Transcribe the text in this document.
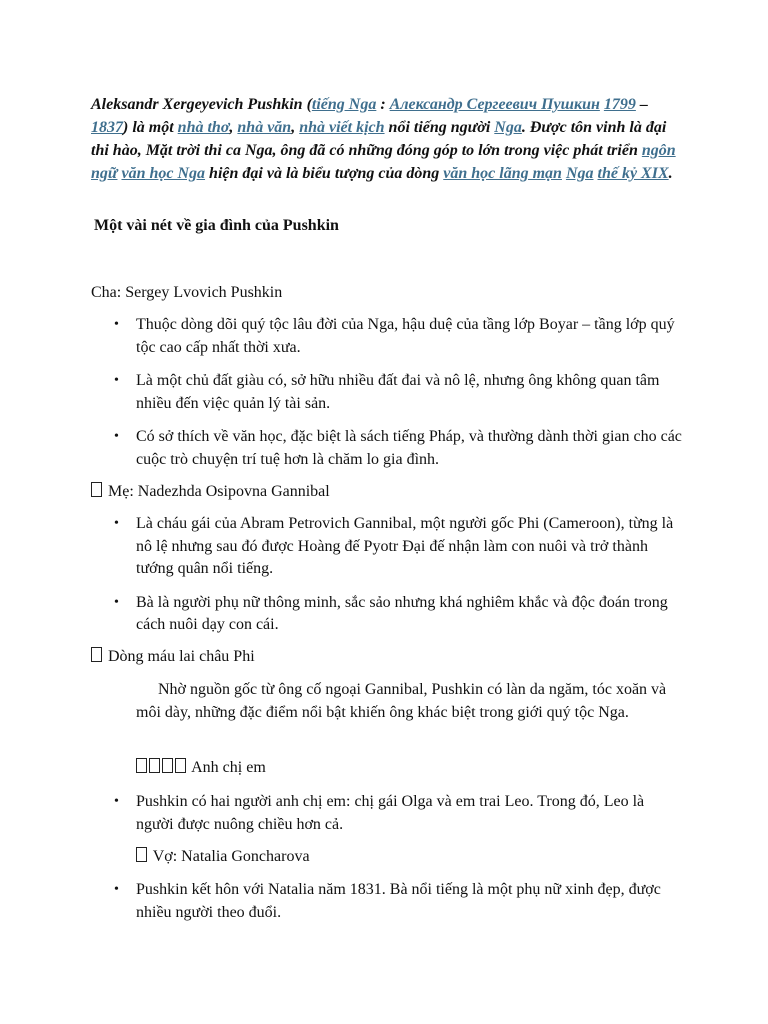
Aleksandr Xergeyevich Pushkin (tiếng Nga : Александр Сергеевич Пушкин 1799 – 1837) là một nhà thơ, nhà văn, nhà viết kịch nổi tiếng người Nga. Được tôn vinh là đại thi hào, Mặt trời thi ca Nga, ông đã có những đóng góp to lớn trong việc phát triển ngôn ngữ văn học Nga hiện đại và là biểu tượng của dòng văn học lãng mạn Nga thế kỷ XIX.

Một vài nét về gia đình của Pushkin

Cha: Sergey Lvovich Pushkin

• Thuộc dòng dõi quý tộc lâu đời của Nga, hậu duệ của tầng lớp Boyar – tầng lớp quý tộc cao cấp nhất thời xưa.
• Là một chủ đất giàu có, sở hữu nhiều đất đai và nô lệ, nhưng ông không quan tâm nhiều đến việc quản lý tài sản.
• Có sở thích về văn học, đặc biệt là sách tiếng Pháp, và thường dành thời gian cho các cuộc trò chuyện trí tuệ hơn là chăm lo gia đình.

Mẹ: Nadezhda Osipovna Gannibal

• Là cháu gái của Abram Petrovich Gannibal, một người gốc Phi (Cameroon), từng là nô lệ nhưng sau đó được Hoàng đế Pyotr Đại đế nhận làm con nuôi và trở thành tướng quân nổi tiếng.
• Bà là người phụ nữ thông minh, sắc sảo nhưng khá nghiêm khắc và độc đoán trong cách nuôi dạy con cái.

Dòng máu lai châu Phi

Nhờ nguồn gốc từ ông cố ngoại Gannibal, Pushkin có làn da ngăm, tóc xoăn và môi dày, những đặc điểm nổi bật khiến ông khác biệt trong giới quý tộc Nga.

Anh chị em

• Pushkin có hai người anh chị em: chị gái Olga và em trai Leo. Trong đó, Leo là người được nuông chiều hơn cả.

Vợ: Natalia Goncharova

• Pushkin kết hôn với Natalia năm 1831. Bà nổi tiếng là một phụ nữ xinh đẹp, được nhiều người theo đuổi.
